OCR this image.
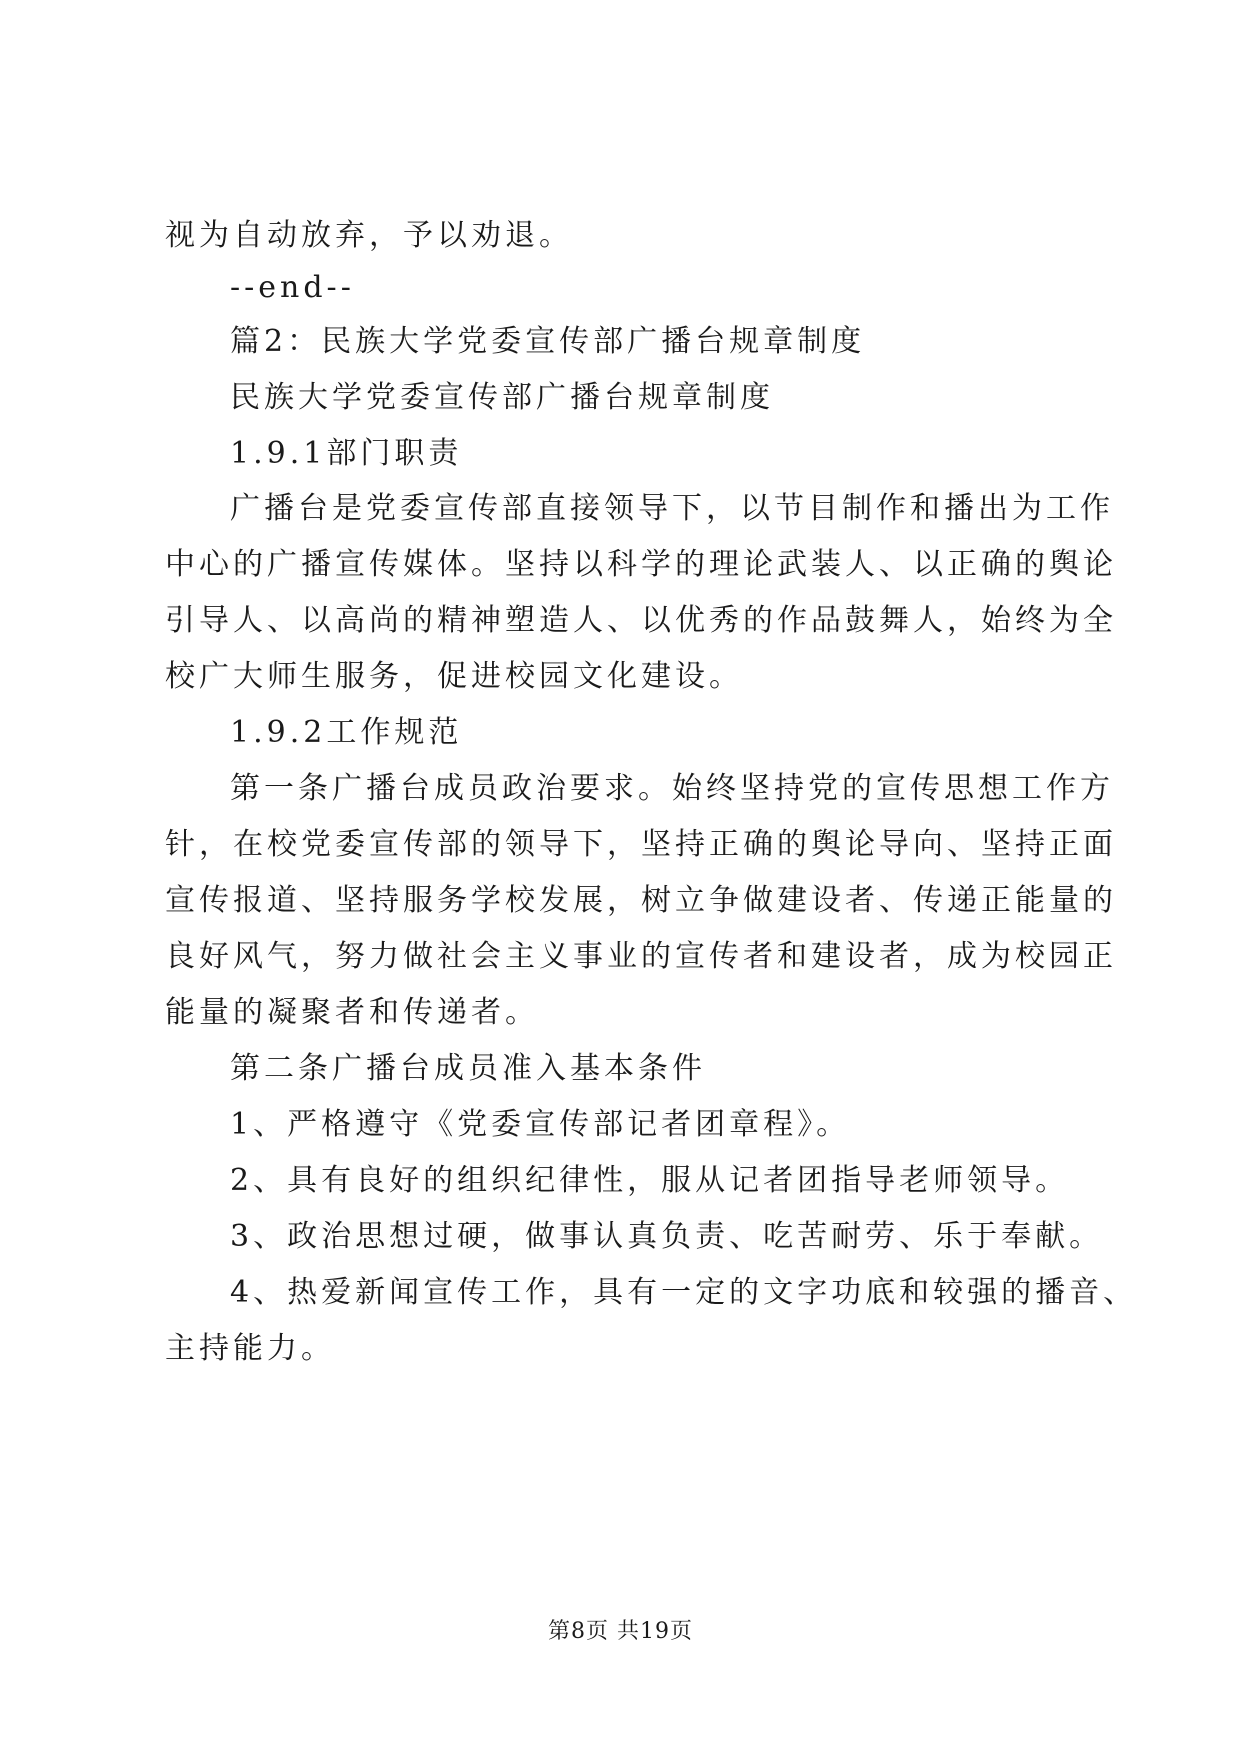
视为自动放弃，予以劝退。
--end--
篇2：民族大学党委宣传部广播台规章制度
民族大学党委宣传部广播台规章制度
1.9.1部门职责
广播台是党委宣传部直接领导下，以节目制作和播出为工作
中心的广播宣传媒体。坚持以科学的理论武装人、以正确的舆论
引导人、以高尚的精神塑造人、以优秀的作品鼓舞人，始终为全
校广大师生服务，促进校园文化建设。
1.9.2工作规范
第一条广播台成员政治要求。始终坚持党的宣传思想工作方
针，在校党委宣传部的领导下，坚持正确的舆论导向、坚持正面
宣传报道、坚持服务学校发展，树立争做建设者、传递正能量的
良好风气，努力做社会主义事业的宣传者和建设者，成为校园正
能量的凝聚者和传递者。
第二条广播台成员准入基本条件
1、严格遵守《党委宣传部记者团章程》。
2、具有良好的组织纪律性，服从记者团指导老师领导。
3、政治思想过硬，做事认真负责、吃苦耐劳、乐于奉献。
4、热爱新闻宣传工作，具有一定的文字功底和较强的播音、
主持能力。
第8页 共19页
